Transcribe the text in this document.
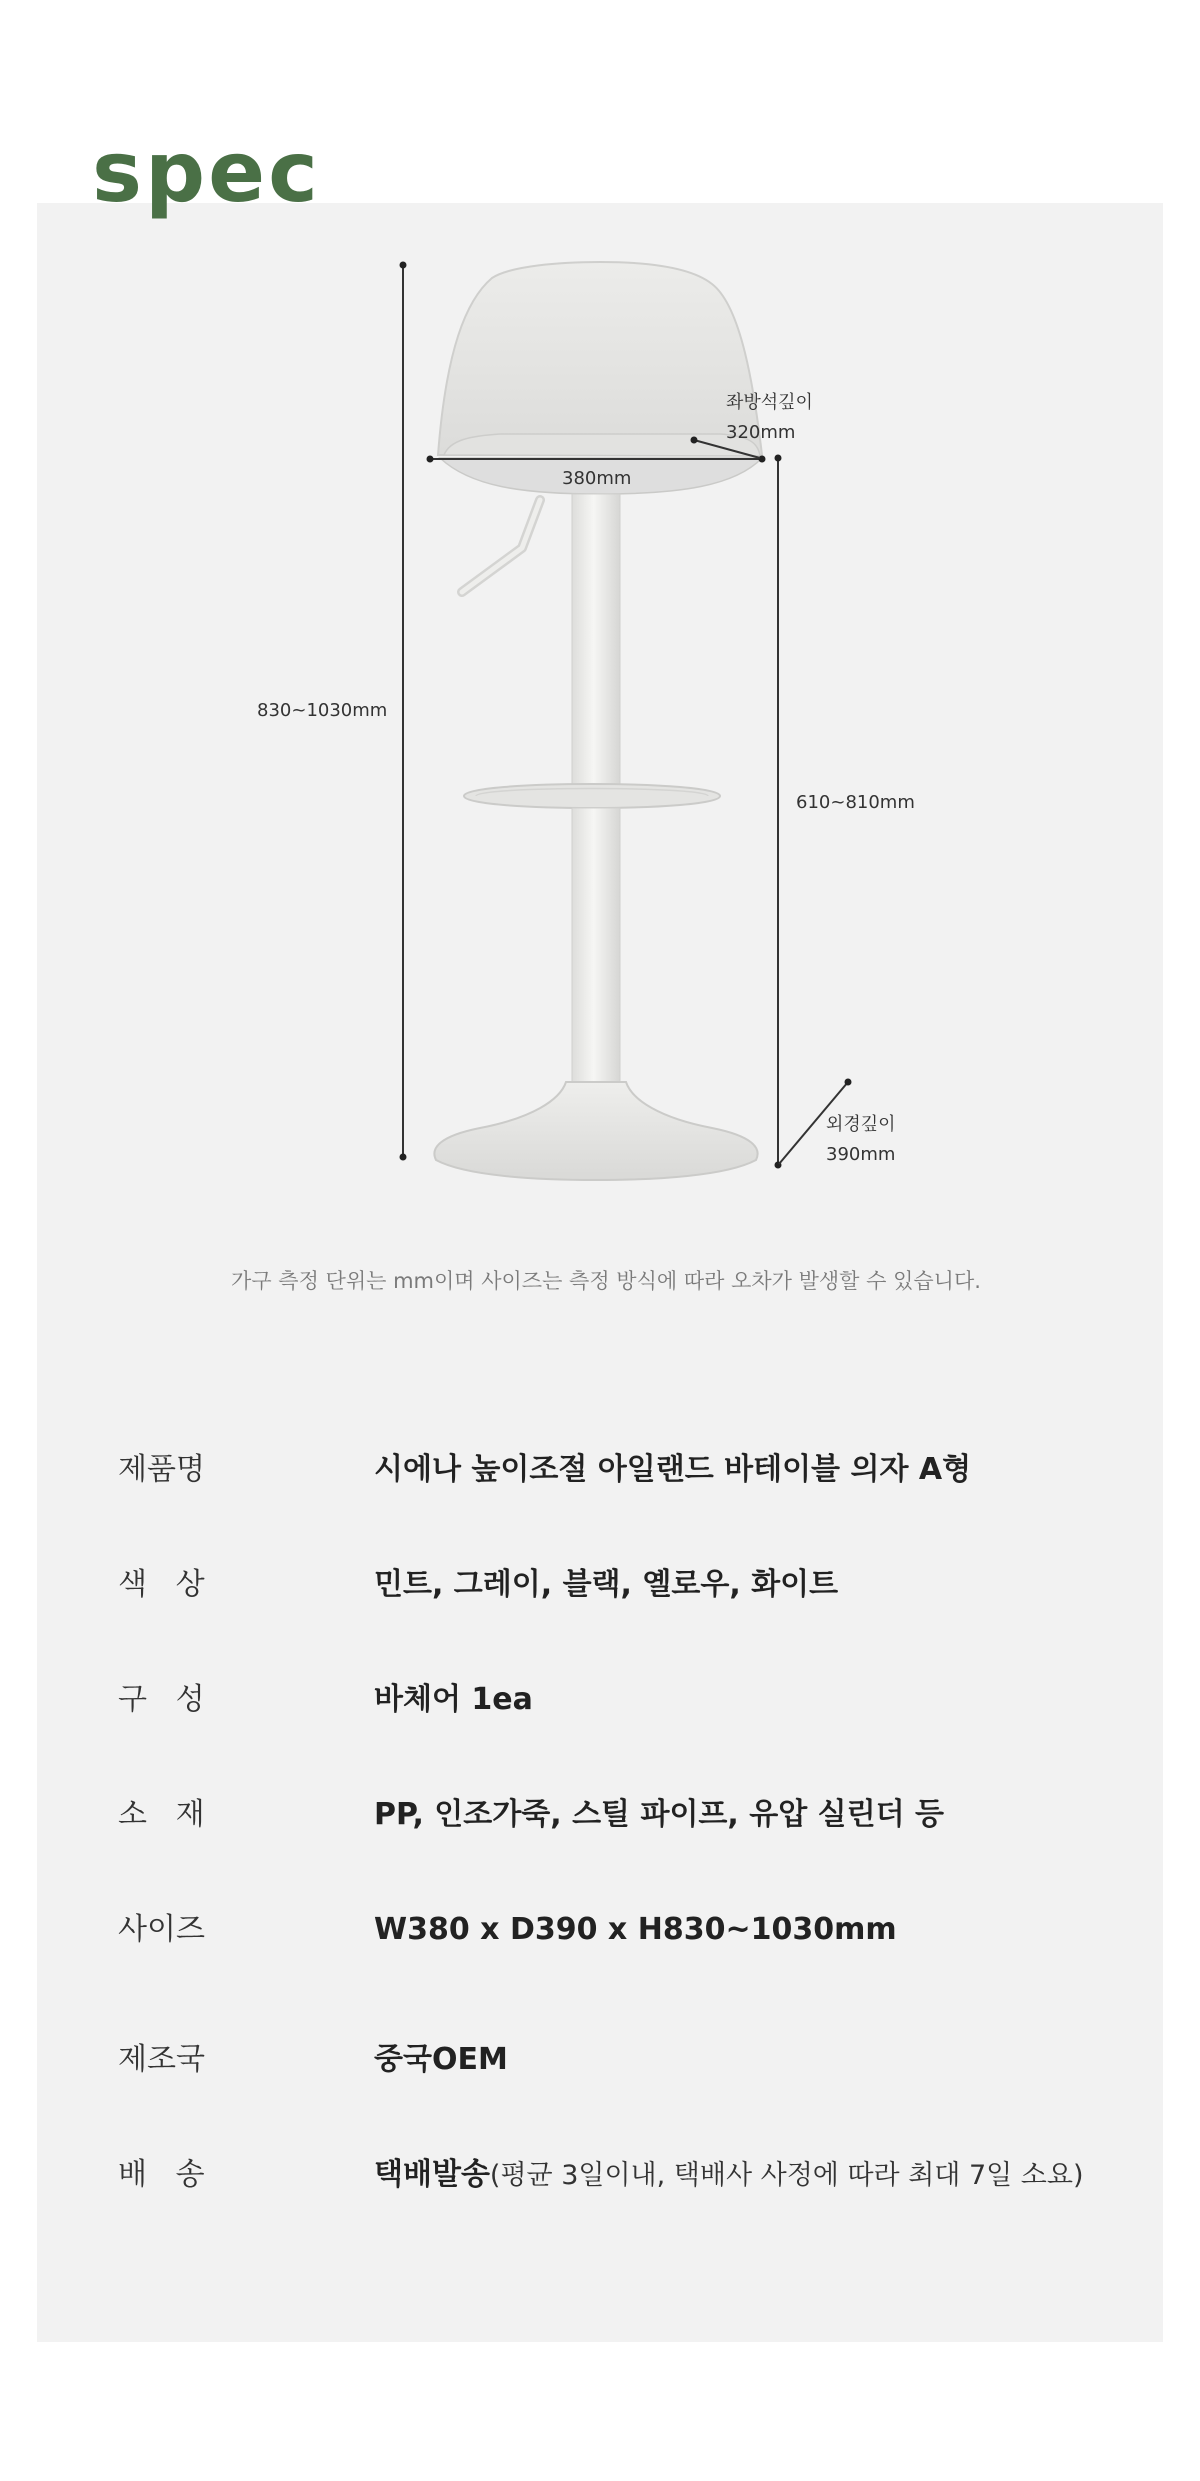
spec
830~1030mm
380mm
좌방석깊이
320mm
610~810mm
외경깊이
390mm
가구 측정 단위는 mm이며 사이즈는 측정 방식에 따라 오차가 발생할 수 있습니다.
제품명	시에나 높이조절 아일랜드 바테이블 의자 A형
색   상	민트, 그레이, 블랙, 옐로우, 화이트
구   성	바체어 1ea
소   재	PP, 인조가죽, 스틸 파이프, 유압 실린더 등
사이즈	W380 x D390 x H830~1030mm
제조국	중국OEM
배   송	택배발송(평균 3일이내, 택배사 사정에 따라 최대 7일 소요)
